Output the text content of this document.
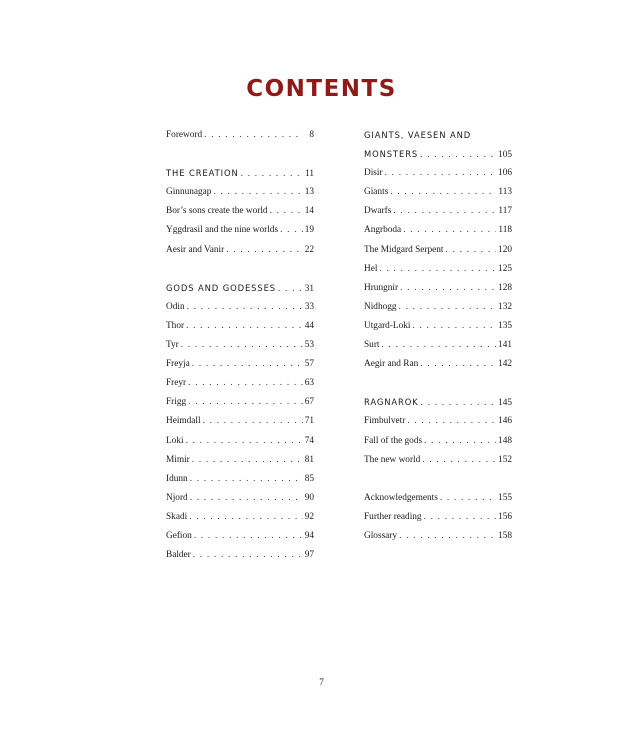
CONTENTS
Foreword . . .	8
THE CREATION . . .	11
Ginnunagap . . .	13
Bor’s sons create the world . . .	14
Yggdrasil and the nine worlds . . .	19
Aesir and Vanir . . .	22
GODS AND GODESSES . . .	31
Odin . . .	33
Thor . . .	44
Tyr . . .	53
Freyja . . .	57
Freyr . . .	63
Frigg . . .	67
Heimdall . . .	71
Loki . . .	74
Mimir . . .	81
Idunn . . .	85
Njord . . .	90
Skadi . . .	92
Gefion . . .	94
Balder . . .	97
GIANTS, VAESEN AND
MONSTERS . . .	105
Disir . . .	106
Giants . . .	113
Dwarfs . . .	117
Angrboda . . .	118
The Midgard Serpent . . .	120
Hel . . .	125
Hrungnir . . .	128
Nidhogg . . .	132
Utgard-Loki . . .	135
Surt . . .	141
Aegir and Ran . . .	142
RAGNAROK . . .	145
Fimbulvetr . . .	146
Fall of the gods . . .	148
The new world . . .	152
Acknowledgements . . .	155
Further reading . . .	156
Glossary . . .	158
7
